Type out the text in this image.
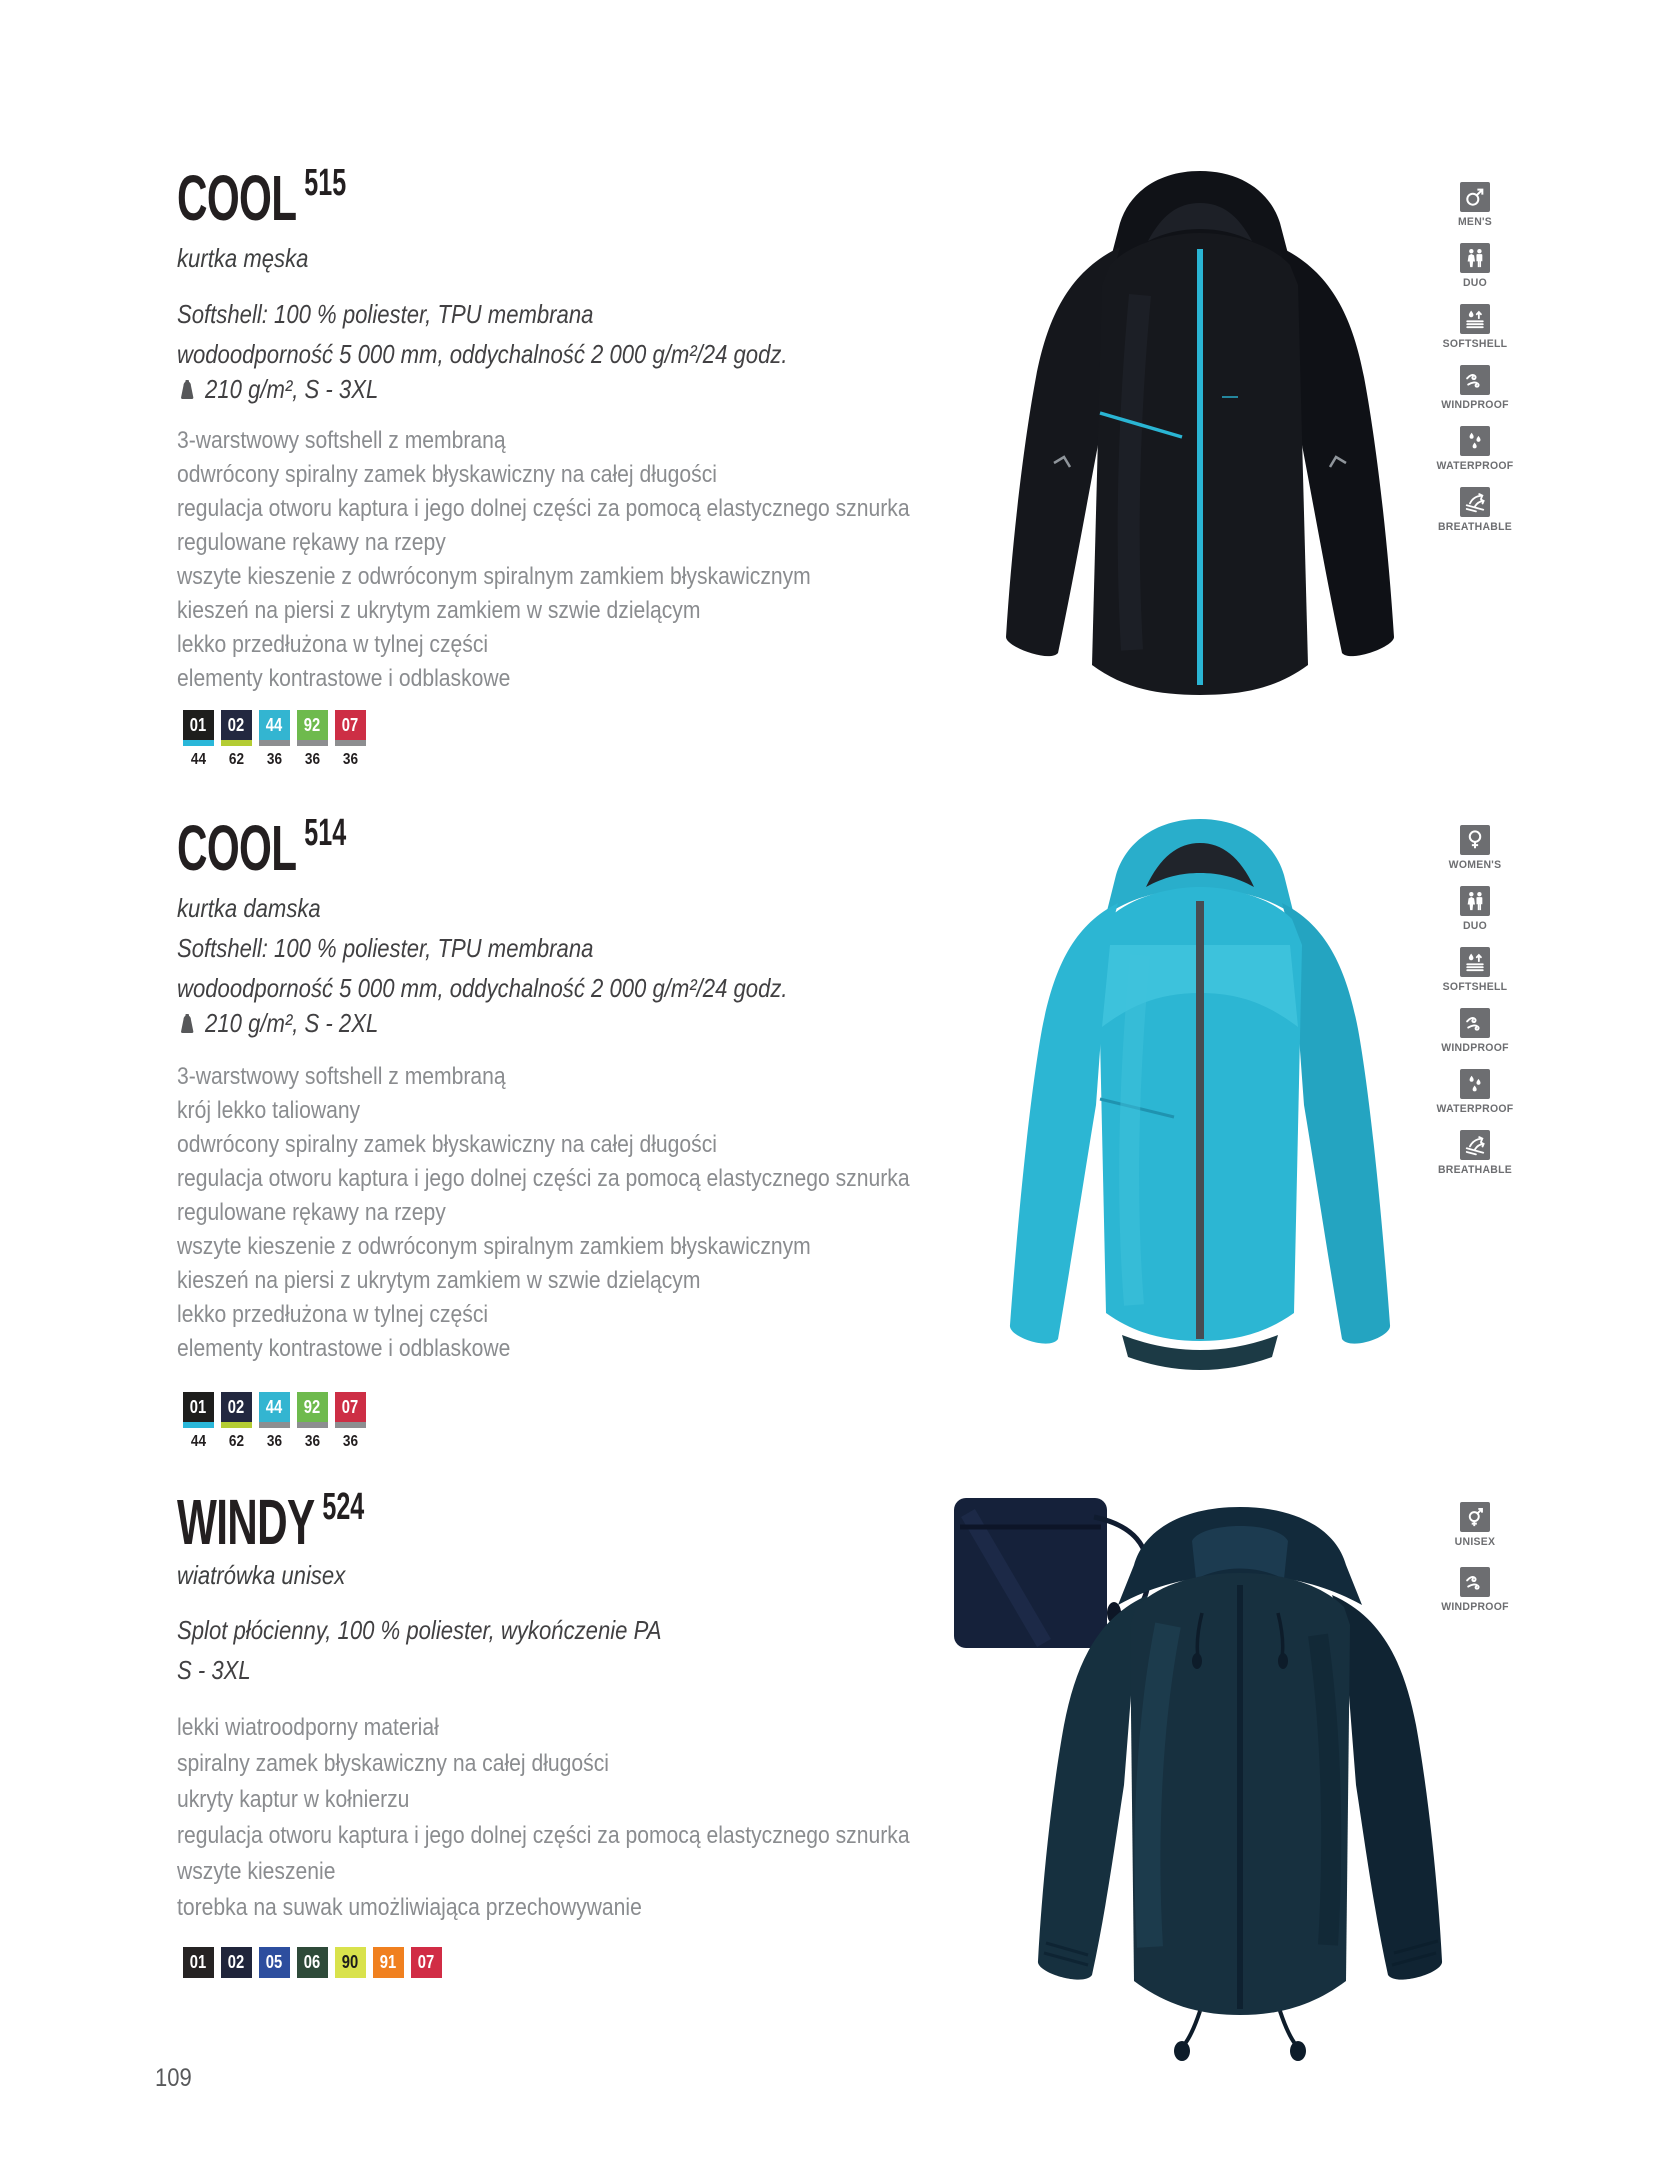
COOL $^{515}$
kurtka męska
Softshell: 100 % poliester, TPU membrana
wodoodporność 5 000 mm, oddychalność 2 000 g/m²/24 godz.
210 g/m², S - 3XL
3-warstwowy softshell z membraną
odwrócony spiralny zamek błyskawiczny na całej długości
regulacja otworu kaptura i jego dolnej części za pomocą elastycznego sznurka
regulowane rękawy na rzepy
wszyte kieszenie z odwróconym spiralnym zamkiem błyskawicznym
kieszeń na piersi z ukrytym zamkiem w szwie dzielącym
lekko przedłużona w tylnej części
elementy kontrastowe i odblaskowe
01
44
02
62
44
36
92
36
07
36
MEN'S
DUO
SOFTSHELL
WINDPROOF
WATERPROOF
BREATHABLE
COOL $^{514}$
kurtka damska
Softshell: 100 % poliester, TPU membrana
wodoodporność 5 000 mm, oddychalność 2 000 g/m²/24 godz.
210 g/m², S - 2XL
3-warstwowy softshell z membraną
krój lekko taliowany
odwrócony spiralny zamek błyskawiczny na całej długości
regulacja otworu kaptura i jego dolnej części za pomocą elastycznego sznurka
regulowane rękawy na rzepy
wszyte kieszenie z odwróconym spiralnym zamkiem błyskawicznym
kieszeń na piersi z ukrytym zamkiem w szwie dzielącym
lekko przedłużona w tylnej części
elementy kontrastowe i odblaskowe
01
44
02
62
44
36
92
36
07
36
WOMEN'S
DUO
SOFTSHELL
WINDPROOF
WATERPROOF
BREATHABLE
WINDY $^{524}$
wiatrówka unisex
Splot płócienny, 100 % poliester, wykończenie PA
S - 3XL
lekki wiatroodporny materiał
spiralny zamek błyskawiczny na całej długości
ukryty kaptur w kołnierzu
regulacja otworu kaptura i jego dolnej części za pomocą elastycznego sznurka
wszyte kieszenie
torebka na suwak umożliwiająca przechowywanie
01 02 05 06 90 91 07
UNISEX
WINDPROOF
109
